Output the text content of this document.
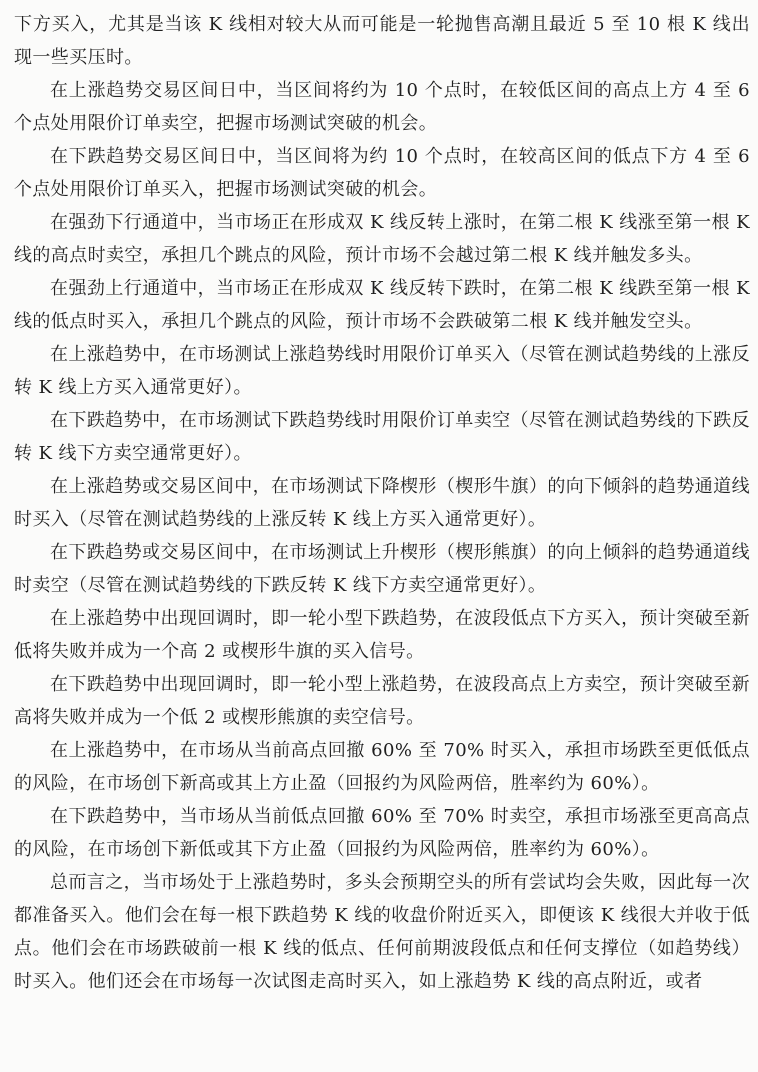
下方买入，尤其是当该 K 线相对较大从而可能是一轮抛售高潮且最近 5 至 10 根 K 线出现一些买压时。

在上涨趋势交易区间日中，当区间将约为 10 个点时，在较低区间的高点上方 4 至 6 个点处用限价订单卖空，把握市场测试突破的机会。

在下跌趋势交易区间日中，当区间将为约 10 个点时，在较高区间的低点下方 4 至 6 个点处用限价订单买入，把握市场测试突破的机会。

在强劲下行通道中，当市场正在形成双 K 线反转上涨时，在第二根 K 线涨至第一根 K 线的高点时卖空，承担几个跳点的风险，预计市场不会越过第二根 K 线并触发多头。

在强劲上行通道中，当市场正在形成双 K 线反转下跌时，在第二根 K 线跌至第一根 K 线的低点时买入，承担几个跳点的风险，预计市场不会跌破第二根 K 线并触发空头。

在上涨趋势中，在市场测试上涨趋势线时用限价订单买入（尽管在测试趋势线的上涨反转 K 线上方买入通常更好）。

在下跌趋势中，在市场测试下跌趋势线时用限价订单卖空（尽管在测试趋势线的下跌反转 K 线下方卖空通常更好）。

在上涨趋势或交易区间中，在市场测试下降楔形（楔形牛旗）的向下倾斜的趋势通道线时买入（尽管在测试趋势线的上涨反转 K 线上方买入通常更好）。

在下跌趋势或交易区间中，在市场测试上升楔形（楔形熊旗）的向上倾斜的趋势通道线时卖空（尽管在测试趋势线的下跌反转 K 线下方卖空通常更好）。

在上涨趋势中出现回调时，即一轮小型下跌趋势，在波段低点下方买入，预计突破至新低将失败并成为一个高 2 或楔形牛旗的买入信号。

在下跌趋势中出现回调时，即一轮小型上涨趋势，在波段高点上方卖空，预计突破至新高将失败并成为一个低 2 或楔形熊旗的卖空信号。

在上涨趋势中，在市场从当前高点回撤 60% 至 70% 时买入，承担市场跌至更低低点的风险，在市场创下新高或其上方止盈（回报约为风险两倍，胜率约为 60%）。

在下跌趋势中，当市场从当前低点回撤 60% 至 70% 时卖空，承担市场涨至更高高点的风险，在市场创下新低或其下方止盈（回报约为风险两倍，胜率约为 60%）。

总而言之，当市场处于上涨趋势时，多头会预期空头的所有尝试均会失败，因此每一次都准备买入。他们会在每一根下跌趋势 K 线的收盘价附近买入，即便该 K 线很大并收于低点。他们会在市场跌破前一根 K 线的低点、任何前期波段低点和任何支撑位（如趋势线）时买入。他们还会在市场每一次试图走高时买入，如上涨趋势 K 线的高点附近，或者
